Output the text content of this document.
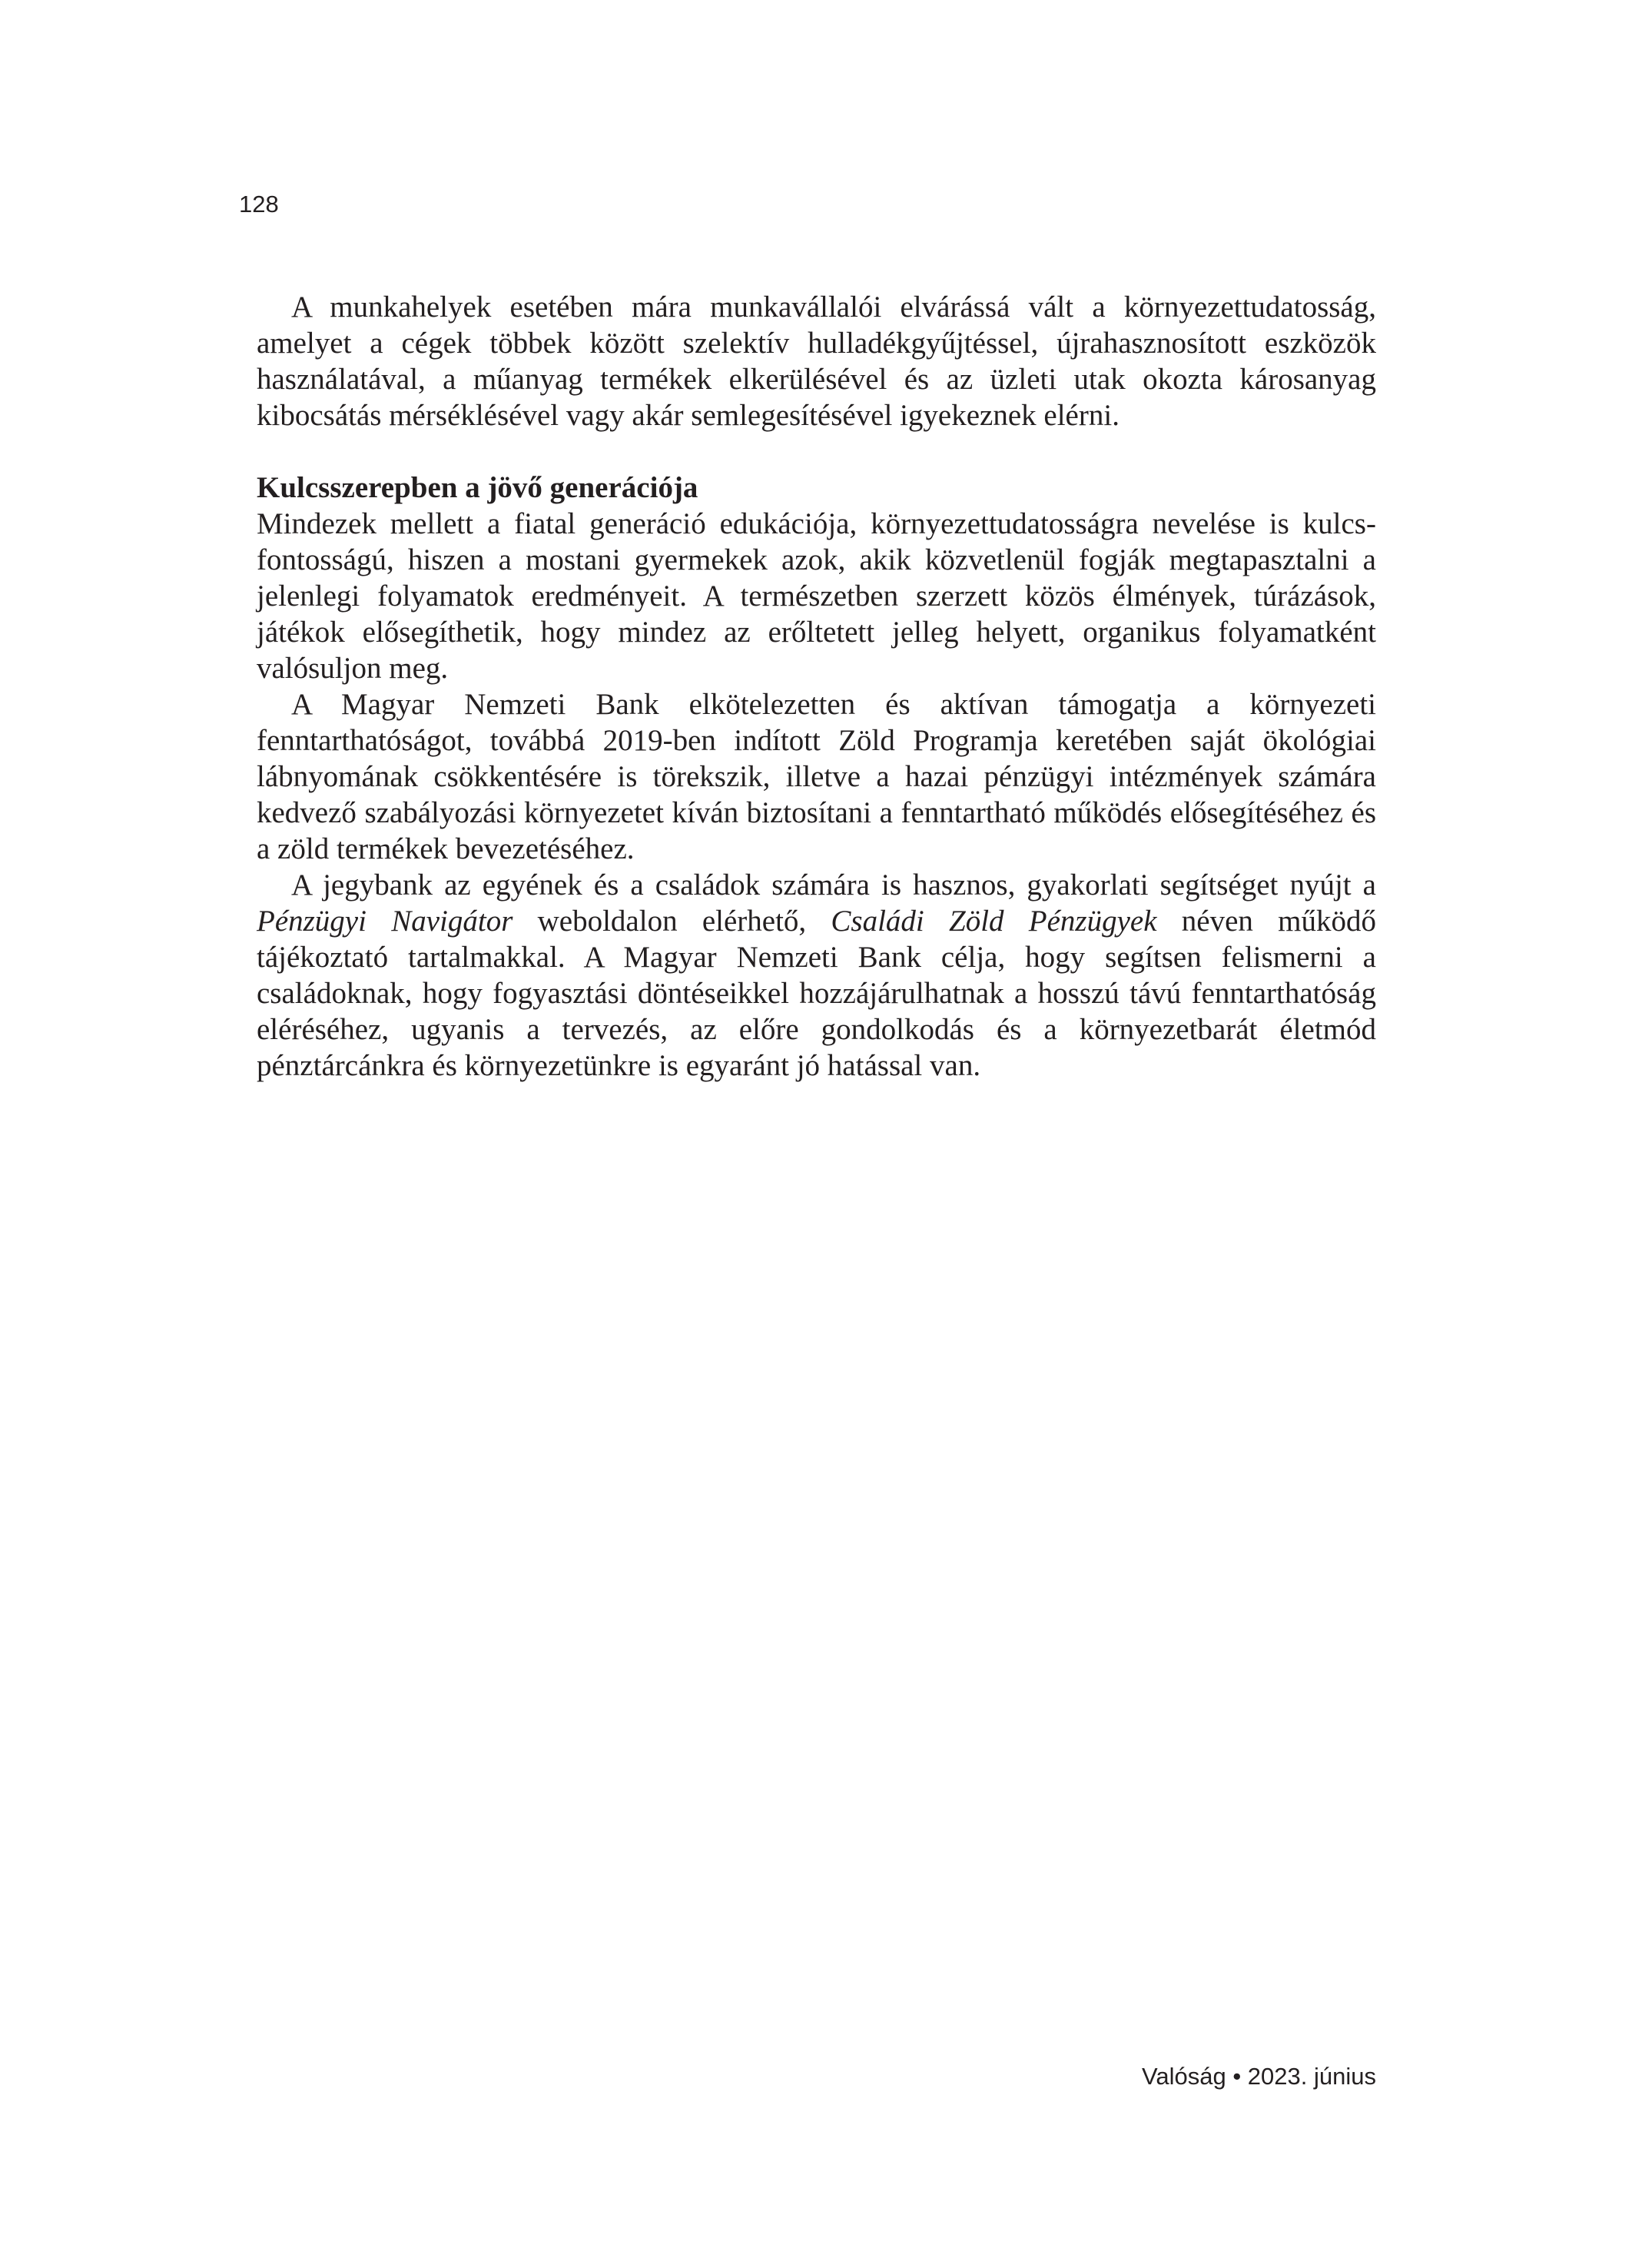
128

A munkahelyek esetében mára munkavállalói elvárássá vált a környezettudatosság, amelyet a cégek többek között szelektív hulladékgyűjtéssel, újrahasznosított eszközök használatával, a műanyag termékek elkerülésével és az üzleti utak okozta károsanyag kibocsátás mérséklésével vagy akár semlegesítésével igyekeznek elérni.

Kulcsszerepben a jövő generációja

Mindezek mellett a fiatal generáció edukációja, környezettudatosságra nevelése is kulcsfontosságú, hiszen a mostani gyermekek azok, akik közvetlenül fogják megtapasztalni a jelenlegi folyamatok eredményeit. A természetben szerzett közös élmények, túrázások, játékok elősegíthetik, hogy mindez az erőltetett jelleg helyett, organikus folyamatként valósuljon meg.

A Magyar Nemzeti Bank elkötelezetten és aktívan támogatja a környezeti fenntarthatóságot, továbbá 2019-ben indított Zöld Programja keretében saját ökológiai lábnyomának csökkentésére is törekszik, illetve a hazai pénzügyi intézmények számára kedvező szabályozási környezetet kíván biztosítani a fenntartható működés elősegítéséhez és a zöld termékek bevezetéséhez.

A jegybank az egyének és a családok számára is hasznos, gyakorlati segítséget nyújt a Pénzügyi Navigátor weboldalon elérhető, Családi Zöld Pénzügyek néven működő tájékoztató tartalmakkal. A Magyar Nemzeti Bank célja, hogy segítsen felismerni a családoknak, hogy fogyasztási döntéseikkel hozzájárulhatnak a hosszú távú fenntarthatóság eléréséhez, ugyanis a tervezés, az előre gondolkodás és a környezetbarát életmód pénztárcánkra és környezetünkre is egyaránt jó hatással van.

Valóság • 2023. június
